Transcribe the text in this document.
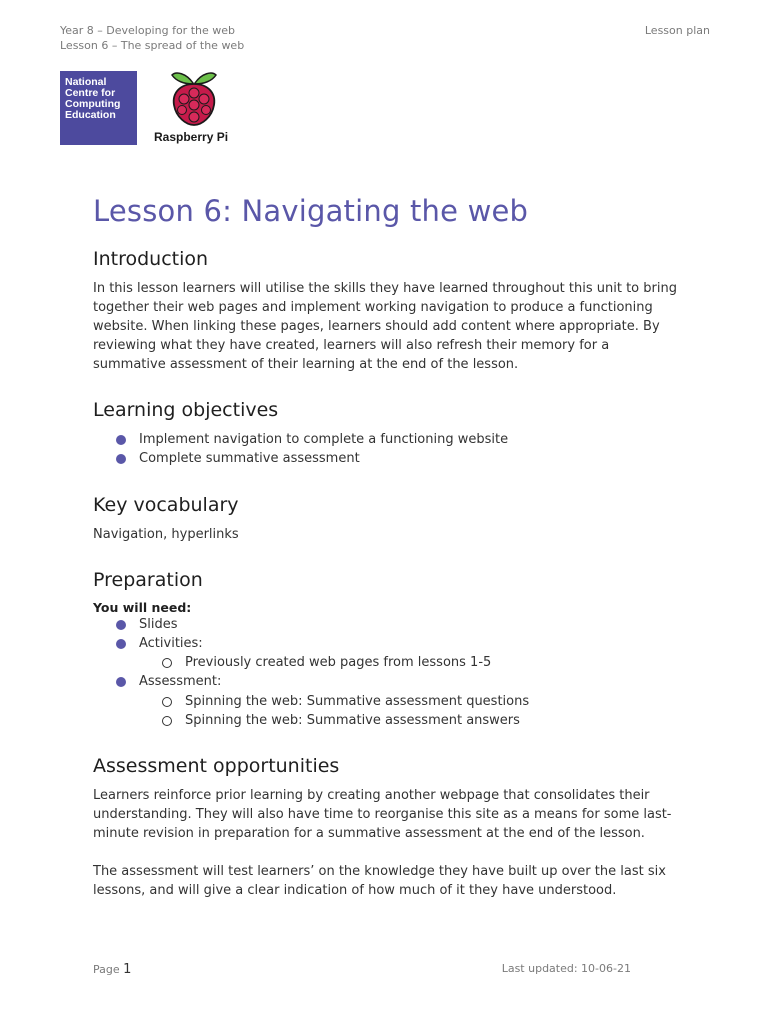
Year 8 – Developing for the web
Lesson 6 – The spread of the web
Lesson plan
National
Centre for
Computing
Education
Raspberry Pi
Lesson 6: Navigating the web
Introduction

In this lesson learners will utilise the skills they have learned throughout this unit to bring together their web pages and implement working navigation to produce a functioning website. When linking these pages, learners should add content where appropriate. By reviewing what they have created, learners will also refresh their memory for a summative assessment of their learning at the end of the lesson.

Learning objectives
Implement navigation to complete a functioning website
Complete summative assessment
Key vocabulary

Navigation, hyperlinks

Preparation
You will need:
Slides
Activities:
Previously created web pages from lessons 1-5
Assessment:
Spinning the web: Summative assessment questions
Spinning the web: Summative assessment answers
Assessment opportunities

Learners reinforce prior learning by creating another webpage that consolidates their understanding. They will also have time to reorganise this site as a means for some last-minute revision in preparation for a summative assessment at the end of the lesson.

The assessment will test learners’ on the knowledge they have built up over the last six lessons, and will give a clear indication of how much of it they have understood.

Page 1	Last updated: 10-06-21
